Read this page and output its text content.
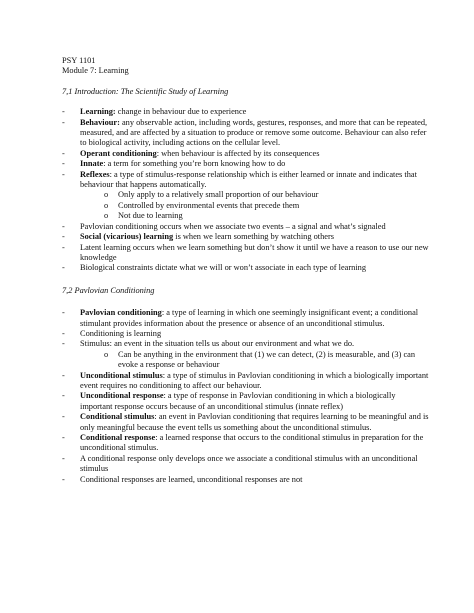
PSY 1101
Module 7: Learning
7,1 Introduction: The Scientific Study of Learning
- Learning: change in behaviour due to experience
- Behaviour: any observable action, including words, gestures, responses, and more that can be repeated, measured, and are affected by a situation to produce or remove some outcome. Behaviour can also refer to biological activity, including actions on the cellular level.
- Operant conditioning: when behaviour is affected by its consequences
- Innate: a term for something you’re born knowing how to do
- Reflexes: a type of stimulus-response relationship which is either learned or innate and indicates that behaviour that happens automatically.
o Only apply to a relatively small proportion of our behaviour
o Controlled by environmental events that precede them
o Not due to learning
- Pavlovian conditioning occurs when we associate two events – a signal and what’s signaled
- Social (vicarious) learning is when we learn something by watching others
- Latent learning occurs when we learn something but don’t show it until we have a reason to use our new knowledge
- Biological constraints dictate what we will or won’t associate in each type of learning
7,2 Pavlovian Conditioning
- Pavlovian conditioning: a type of learning in which one seemingly insignificant event; a conditional stimulant provides information about the presence or absence of an unconditional stimulus.
- Conditioning is learning
- Stimulus: an event in the situation tells us about our environment and what we do.
o Can be anything in the environment that (1) we can detect, (2) is measurable, and (3) can evoke a response or behaviour
- Unconditional stimulus: a type of stimulus in Pavlovian conditioning in which a biologically important event requires no conditioning to affect our behaviour.
- Unconditional response: a type of response in Pavlovian conditioning in which a biologically important response occurs because of an unconditional stimulus (innate reflex)
- Conditional stimulus: an event in Pavlovian conditioning that requires learning to be meaningful and is only meaningful because the event tells us something about the unconditional stimulus.
- Conditional response: a learned response that occurs to the conditional stimulus in preparation for the unconditional stimulus.
- A conditional response only develops once we associate a conditional stimulus with an unconditional stimulus
- Conditional responses are learned, unconditional responses are not
